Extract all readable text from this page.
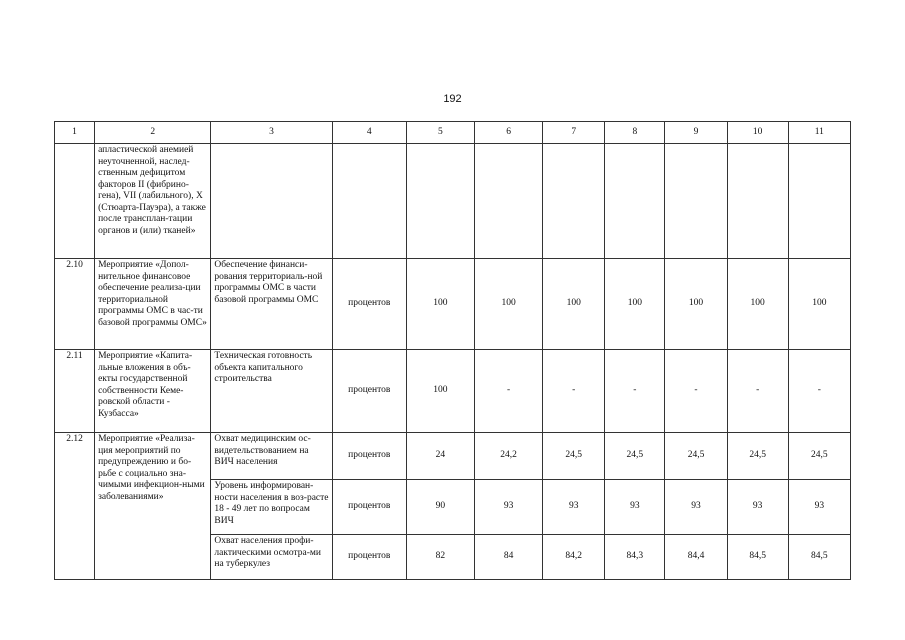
192
1	2	3	4	5	6	7	8	9	10	11
	апластической анемией неуточненной, наслед-ственным дефицитом факторов II (фибрино-гена), VII (лабильного), X (Стюарта-Пауэра), а также после трансплан-тации органов и (или) тканей»									
2.10	Мероприятие «Допол-нительное финансовое обеспечение реализа-ции территориальной программы ОМС в час-ти базовой программы ОМС»	Обеспечение финанси-рования территориаль-ной программы ОМС в части базовой программы ОМС	процентов	100	100	100	100	100	100	100
2.11	Мероприятие «Капита-льные вложения в объ-екты государственной собственности Кеме-ровской области - Кузбасса»	Техническая готовность объекта капитального строительства	процентов	100	-	-	-	-	-	-
2.12	Мероприятие «Реализа-ция мероприятий по предупреждению и бо-рьбе с социально зна-чимыми инфекцион-ными заболеваниями»	Охват медицинским ос-видетельствованием на ВИЧ населения	процентов	24	24,2	24,5	24,5	24,5	24,5	24,5
		Уровень информирован-ности населения в воз-расте 18 - 49 лет по вопросам ВИЧ	процентов	90	93	93	93	93	93	93
		Охват населения профи-лактическими осмотра-ми на туберкулез	процентов	82	84	84,2	84,3	84,4	84,5	84,5
